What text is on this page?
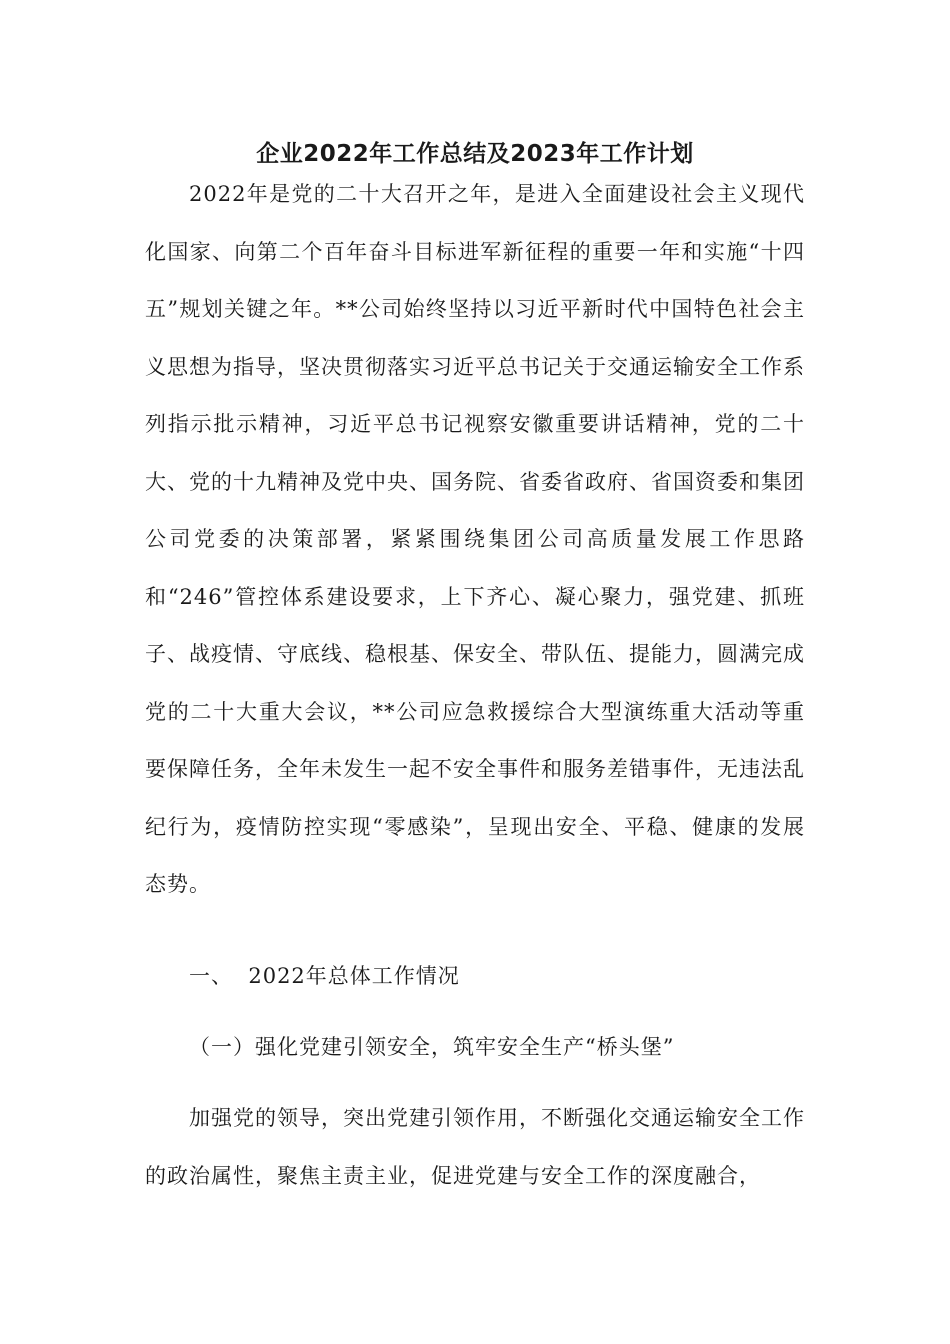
企业2022年工作总结及2023年工作计划

2022年是党的二十大召开之年，是进入全面建设社会主义现代化国家、向第二个百年奋斗目标进军新征程的重要一年和实施“十四五”规划关键之年。**公司始终坚持以习近平新时代中国特色社会主义思想为指导，坚决贯彻落实习近平总书记关于交通运输安全工作系列指示批示精神，习近平总书记视察安徽重要讲话精神，党的二十大、党的十九精神及党中央、国务院、省委省政府、省国资委和集团公司党委的决策部署，紧紧围绕集团公司高质量发展工作思路和“246”管控体系建设要求，上下齐心、凝心聚力，强党建、抓班子、战疫情、守底线、稳根基、保安全、带队伍、提能力，圆满完成党的二十大重大会议，**公司应急救援综合大型演练重大活动等重要保障任务，全年未发生一起不安全事件和服务差错事件，无违法乱纪行为，疫情防控实现“零感染”，呈现出安全、平稳、健康的发展态势。

一、  2022年总体工作情况

（一）强化党建引领安全，筑牢安全生产“桥头堡”

加强党的领导，突出党建引领作用，不断强化交通运输安全工作的政治属性，聚焦主责主业，促进党建与安全工作的深度融合，
